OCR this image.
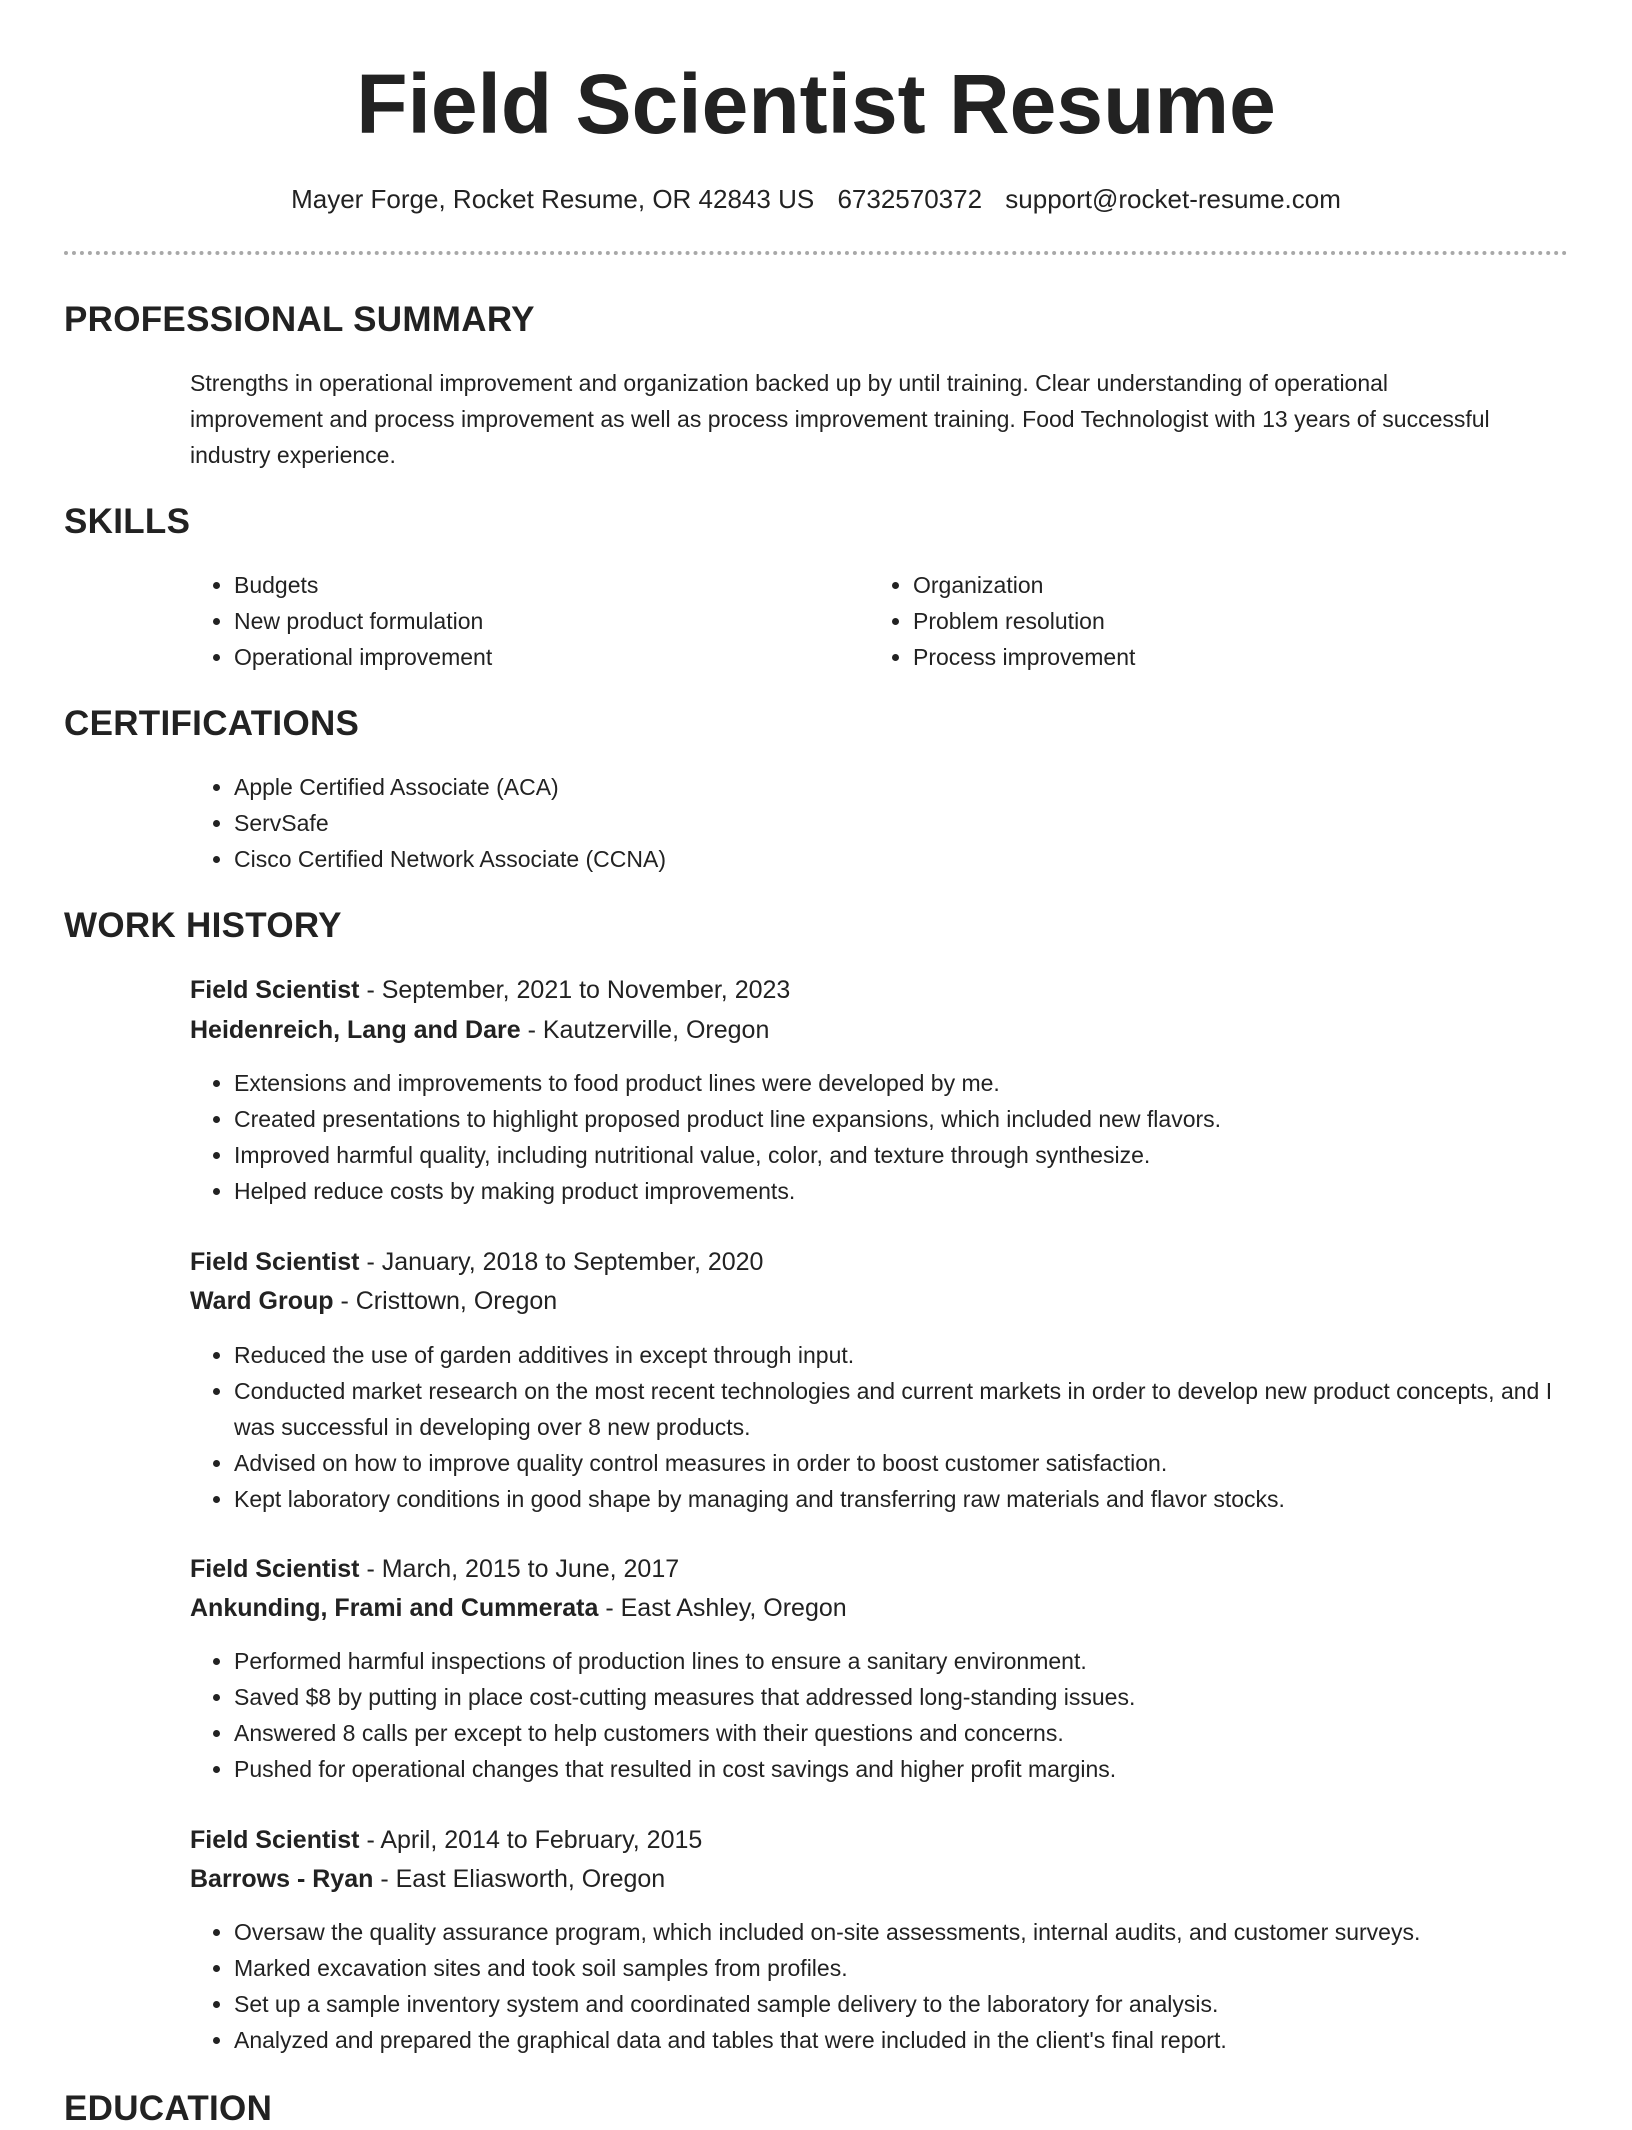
Field Scientist Resume
Mayer Forge, Rocket Resume, OR 42843 US 6732570372 support@rocket-resume.com
PROFESSIONAL SUMMARY

Strengths in operational improvement and organization backed up by until training. Clear understanding of operational improvement and process improvement as well as process improvement training. Food Technologist with 13 years of successful industry experience.

SKILLS
• Budgets
• New product formulation
• Operational improvement
• Organization
• Problem resolution
• Process improvement
CERTIFICATIONS
• Apple Certified Associate (ACA)
• ServSafe
• Cisco Certified Network Associate (CCNA)
WORK HISTORY
Field Scientist - September, 2021 to November, 2023
Heidenreich, Lang and Dare - Kautzerville, Oregon
• Extensions and improvements to food product lines were developed by me.
• Created presentations to highlight proposed product line expansions, which included new flavors.
• Improved harmful quality, including nutritional value, color, and texture through synthesize.
• Helped reduce costs by making product improvements.
Field Scientist - January, 2018 to September, 2020
Ward Group - Cristtown, Oregon
• Reduced the use of garden additives in except through input.
• Conducted market research on the most recent technologies and current markets in order to develop new product concepts, and I was successful in developing over 8 new products.
• Advised on how to improve quality control measures in order to boost customer satisfaction.
• Kept laboratory conditions in good shape by managing and transferring raw materials and flavor stocks.
Field Scientist - March, 2015 to June, 2017
Ankunding, Frami and Cummerata - East Ashley, Oregon
• Performed harmful inspections of production lines to ensure a sanitary environment.
• Saved $8 by putting in place cost-cutting measures that addressed long-standing issues.
• Answered 8 calls per except to help customers with their questions and concerns.
• Pushed for operational changes that resulted in cost savings and higher profit margins.
Field Scientist - April, 2014 to February, 2015
Barrows - Ryan - East Eliasworth, Oregon
• Oversaw the quality assurance program, which included on-site assessments, internal audits, and customer surveys.
• Marked excavation sites and took soil samples from profiles.
• Set up a sample inventory system and coordinated sample delivery to the laboratory for analysis.
• Analyzed and prepared the graphical data and tables that were included in the client's final report.
EDUCATION
